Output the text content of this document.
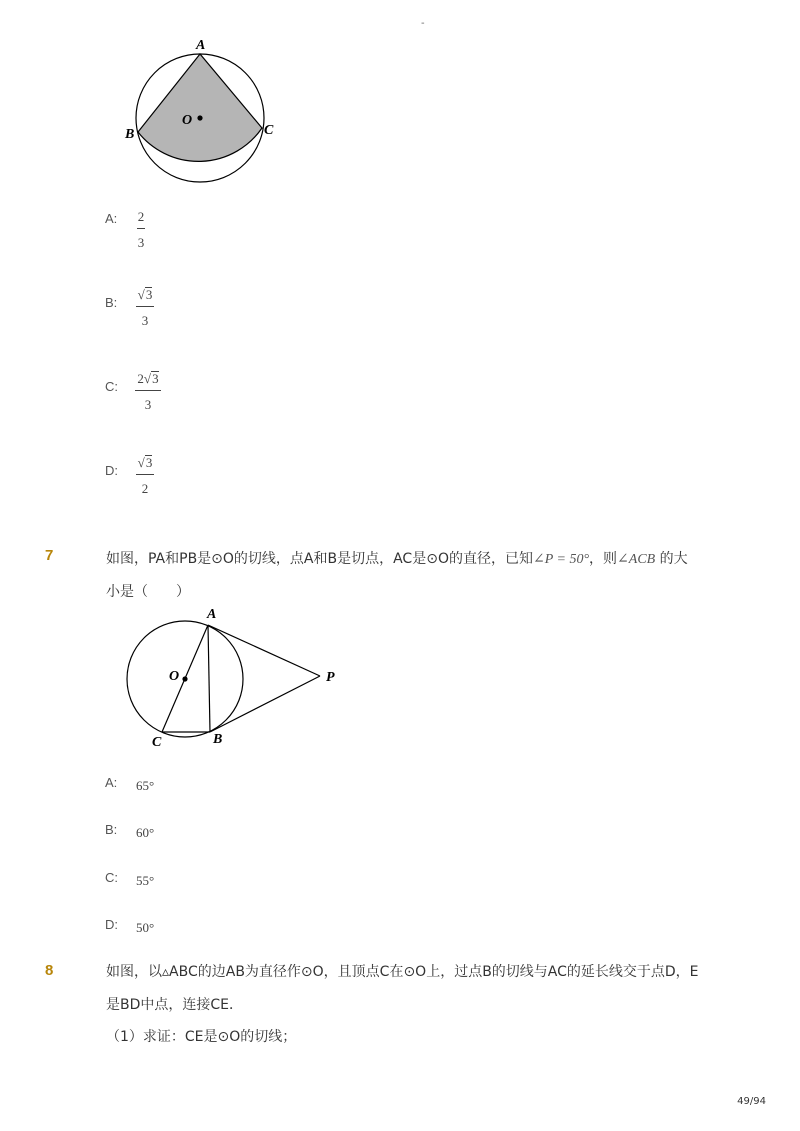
-
A
B	C
O
A: 2
3
B:
√3
3
C:
2√3
3
D:
√3
2
7	如图，PA和PB是⊙O的切线，点A和B是切点，AC是⊙O的直径，已知∠P = 50°，则∠ACB 的大
小是（　　）
A
O	P
C	B
A: 65°
B: 60°
C: 55°
D: 50°
8	如图，以▵ABC的边AB为直径作⊙O，且顶点C在⊙O上，过点B的切线与AC的延长线交于点D，E
是BD中点，连接CE．
（1）求证：CE是⊙O的切线；
49/94
